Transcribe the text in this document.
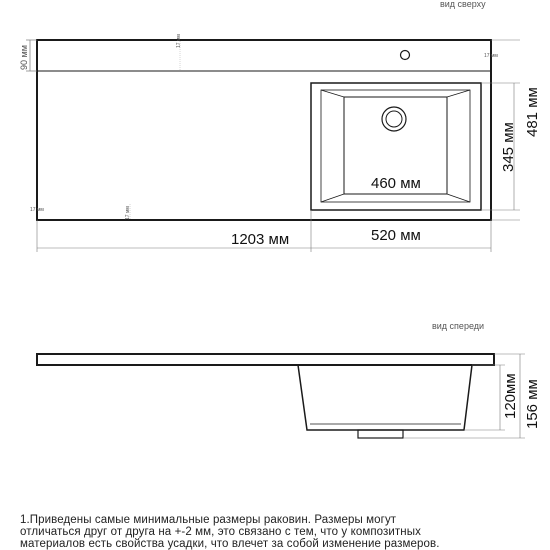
вид сверху
460 мм
17 мм
17 мм
17 мм	17 мм
90 мм
345 мм
481 мм
1203 мм	520 мм
вид спереди
120мм 156 мм
1.Приведены самые минимальные размеры раковин. Размеры могут
отличаться друг от друга на +-2 мм, это связано с тем, что у композитных
материалов есть свойства усадки, что влечет за собой изменение размеров.
